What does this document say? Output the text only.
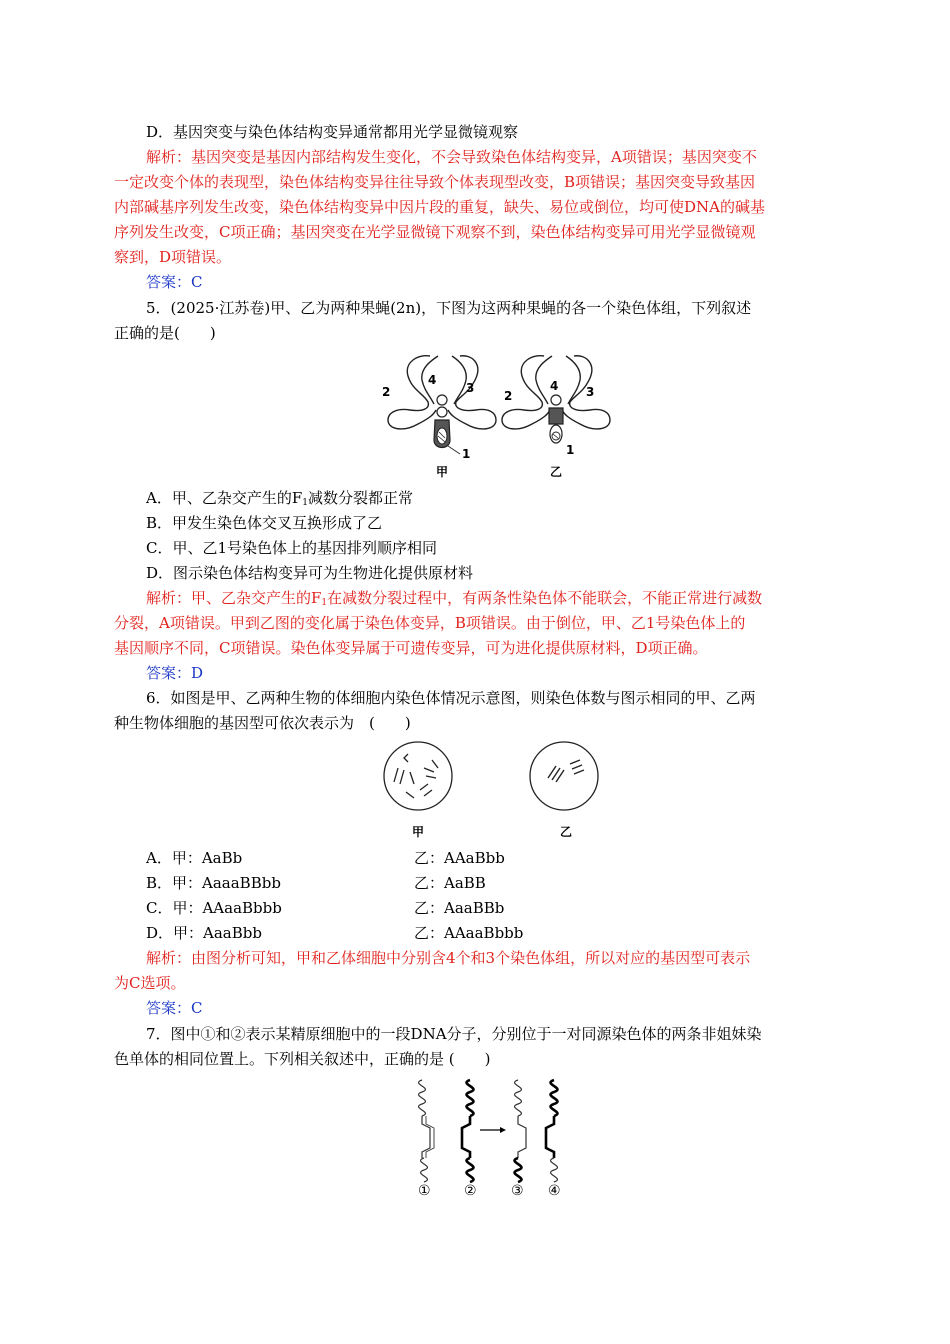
D．基因突变与染色体结构变异通常都用光学显微镜观察
解析：基因突变是基因内部结构发生变化，不会导致染色体结构变异，A项错误；基因突变不
一定改变个体的表现型，染色体结构变异往往导致个体表现型改变，B项错误；基因突变导致基因
内部碱基序列发生改变，染色体结构变异中因片段的重复，缺失、易位或倒位，均可使DNA的碱基
序列发生改变，C项正确；基因突变在光学显微镜下观察不到，染色体结构变异可用光学显微镜观
察到，D项错误。
答案：C
5．(2025·江苏卷)甲、乙为两种果蝇(2n)，下图为这两种果蝇的各一个染色体组，下列叙述
正确的是(　　)
2
4
3
1
甲
2
4 3
1
乙
A．甲、乙杂交产生的$F_1$减数分裂都正常
B．甲发生染色体交叉互换形成了乙
C．甲、乙1号染色体上的基因排列顺序相同
D．图示染色体结构变异可为生物进化提供原材料
解析：甲、乙杂交产生的$F_1$在减数分裂过程中，有两条性染色体不能联会，不能正常进行减数
分裂，A项错误。甲到乙图的变化属于染色体变异，B项错误。由于倒位，甲、乙1号染色体上的
基因顺序不同，C项错误。染色体变异属于可遗传变异，可为进化提供原材料，D项正确。
答案：D
6．如图是甲、乙两种生物的体细胞内染色体情况示意图，则染色体数与图示相同的甲、乙两
种生物体细胞的基因型可依次表示为　(　　)
甲	乙
A．甲：AaBb	乙：AAaBbb
B．甲：AaaaBBbb	乙：AaBB
C．甲：AAaaBbbb	乙：AaaBBb
D．甲：AaaBbb	乙：AAaaBbbb
解析：由图分析可知，甲和乙体细胞中分别含4个和3个染色体组，所以对应的基因型可表示
为C选项。
答案：C
7．图中①和②表示某精原细胞中的一段DNA分子，分别位于一对同源染色体的两条非姐妹染
色单体的相同位置上。下列相关叙述中，正确的是 (　　)
① ② ③ ④
